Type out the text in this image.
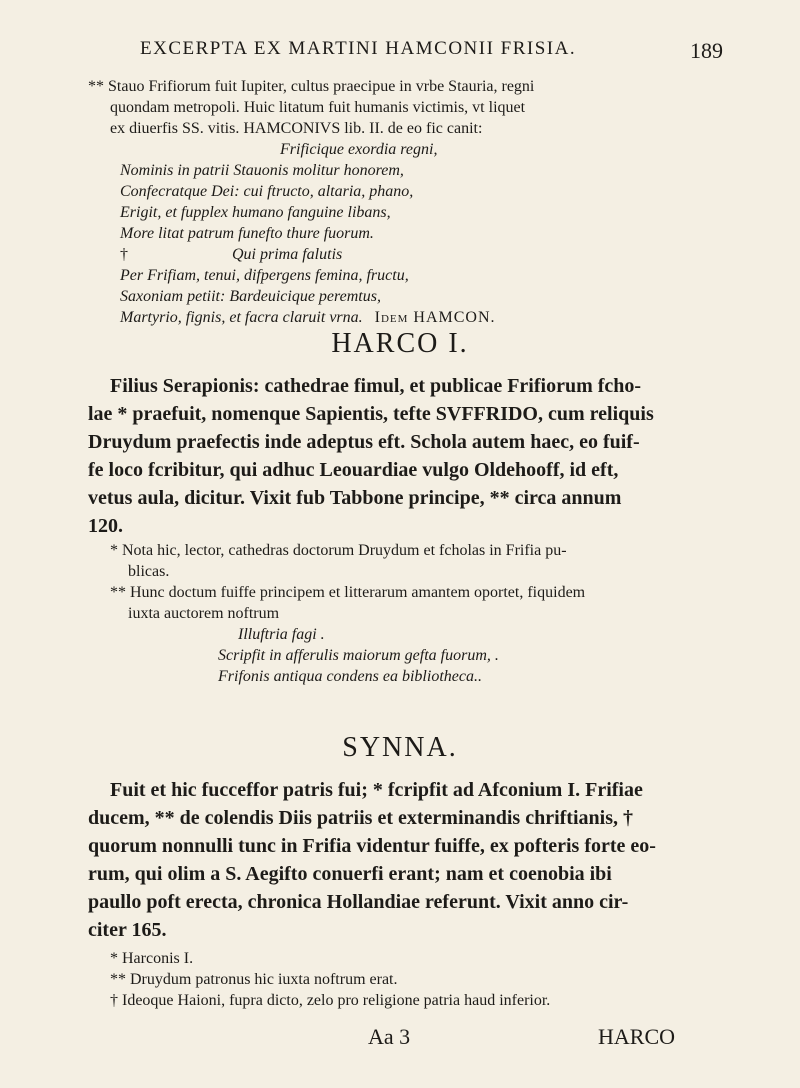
EXCERPTA EX MARTINI HAMCONII FRISIA.	189
** Stauo Frifiorum fuit Iupiter, cultus praecipue in vrbe Stauria, regni
quondam metropoli. Huic litatum fuit humanis victimis, vt liquet
ex diuerfis SS. vitis. HAMCONIVS lib. II. de eo fic canit:
Frificique exordia regni,
Nominis in patrii Stauonis molitur honorem,
Confecratque Dei: cui ftructo, altaria, phano,
Erigit, et fupplex humano fanguine libans,
More litat patrum funefto thure fuorum.
†	Qui prima falutis
Per Frifiam, tenui, difpergens femina, fructu,
Saxoniam petiit: Bardeuicique peremtus,
Martyrio, fignis, et facra claruit vrna. Idem HAMCON.
HARCO I.
Filius Serapionis: cathedrae fimul, et publicae Frifiorum fcho-
lae * praefuit, nomenque Sapientis, tefte SVFFRIDO, cum reliquis
Druydum praefectis inde adeptus eft. Schola autem haec, eo fuif-
fe loco fcribitur, qui adhuc Leouardiae vulgo Oldehooff, id eft,
vetus aula, dicitur. Vixit fub Tabbone principe, ** circa annum
120.
* Nota hic, lector, cathedras doctorum Druydum et fcholas in Frifia pu-
blicas.
** Hunc doctum fuiffe principem et litterarum amantem oportet, fiquidem
iuxta auctorem noftrum
Illuftria fagi .
Scripfit in afferulis maiorum gefta fuorum, .
Frifonis antiqua condens ea bibliotheca..
SYNNA.
Fuit et hic fucceffor patris fui; * fcripfit ad Afconium I. Frifiae
ducem, ** de colendis Diis patriis et exterminandis chriftianis, †
quorum nonnulli tunc in Frifia videntur fuiffe, ex pofteris forte eo-
rum, qui olim a S. Aegifto conuerfi erant; nam et coenobia ibi
paullo poft erecta, chronica Hollandiae referunt. Vixit anno cir-
citer 165.
* Harconis I.
** Druydum patronus hic iuxta noftrum erat.
† Ideoque Haioni, fupra dicto, zelo pro religione patria haud inferior.
Aa 3	HARCO
